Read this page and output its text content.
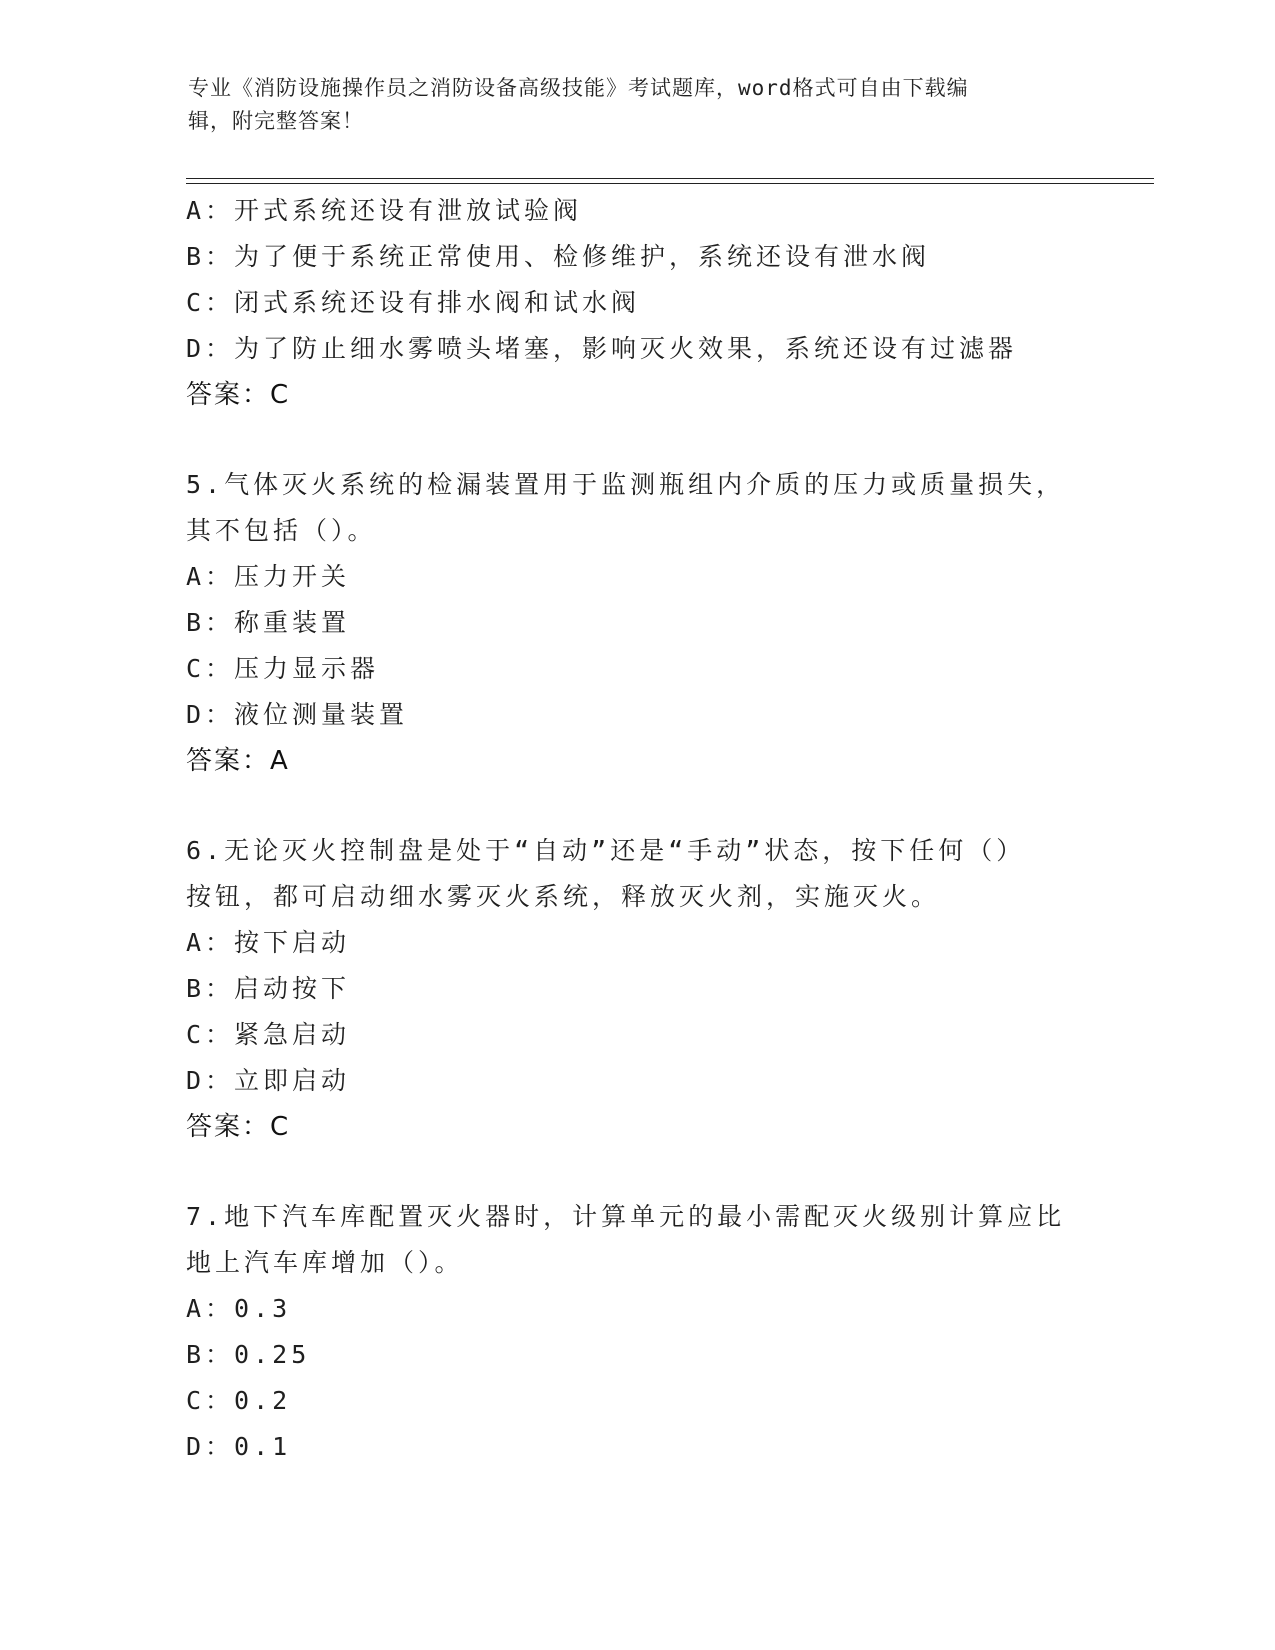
专业《消防设施操作员之消防设备高级技能》考试题库，word格式可自由下载编
辑，附完整答案！
A：开式系统还设有泄放试验阀
B：为了便于系统正常使用、检修维护，系统还设有泄水阀
C：闭式系统还设有排水阀和试水阀
D：为了防止细水雾喷头堵塞，影响灭火效果，系统还设有过滤器
答案：C
5.气体灭火系统的检漏装置用于监测瓶组内介质的压力或质量损失，
其不包括（）。
A：压力开关
B：称重装置
C：压力显示器
D：液位测量装置
答案：A
6.无论灭火控制盘是处于“自动”还是“手动”状态，按下任何（）
按钮，都可启动细水雾灭火系统，释放灭火剂，实施灭火。
A：按下启动
B：启动按下
C：紧急启动
D：立即启动
答案：C
7.地下汽车库配置灭火器时，计算单元的最小需配灭火级别计算应比
地上汽车库增加（）。
A：0.3
B：0.25
C：0.2
D：0.1
